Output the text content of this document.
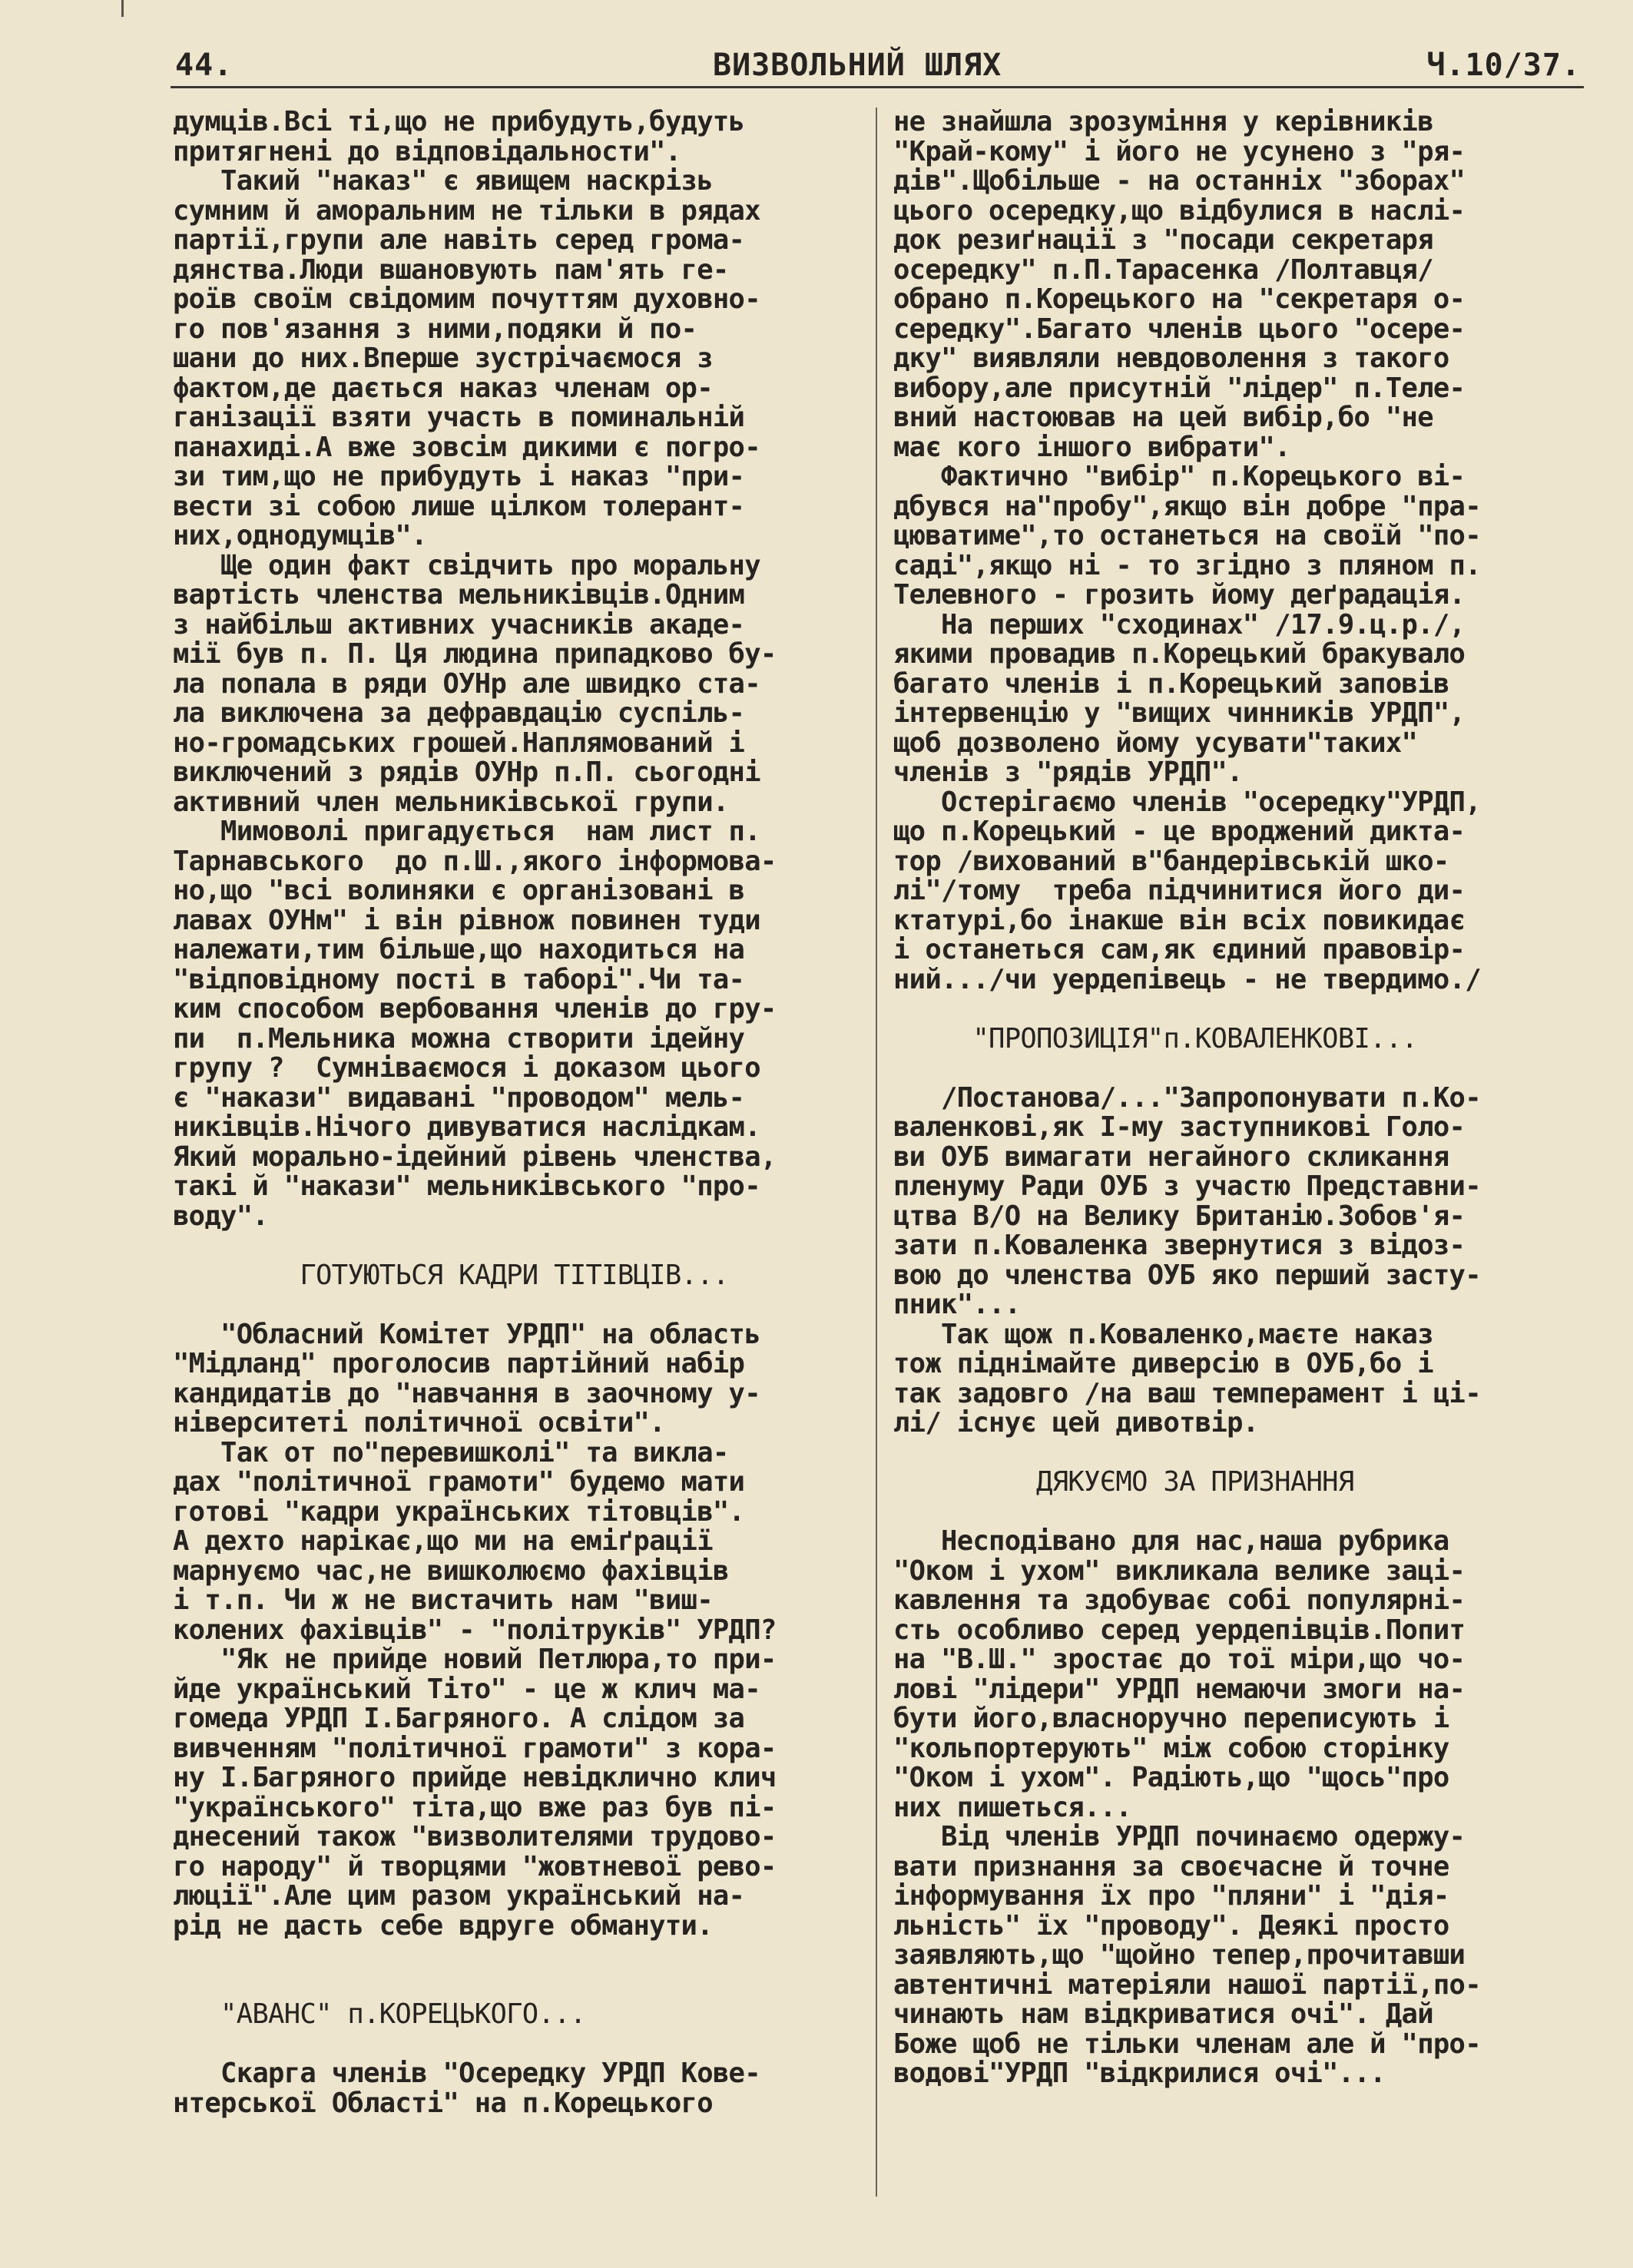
44.	ВИЗВОЛЬНИЙ ШЛЯХ	Ч.10/37.
думців.Всі ті,що не прибудуть,будуть
притягнені до відповідальности".
Такий "наказ" є явищем наскрізь
сумним й аморальним не тільки в рядах
партії,групи але навіть серед грома-
дянства.Люди вшановують пам'ять ге-
роїв своїм свідомим почуттям духовно-
го пов'язання з ними,подяки й по-
шани до них.Вперше зустрічаємося з
фактом,де дається наказ членам ор-
ганізації взяти участь в поминальній
панахиді.А вже зовсім дикими є погро-
зи тим,що не прибудуть і наказ "при-
вести зі собою лише цілком толерант-
них,однодумців".
Ще один факт свідчить про моральну
вартість членства мельниківців.Одним
з найбільш активних учасників акаде-
мії був п. П. Ця людина припадково бу-
ла попала в ряди ОУНр але швидко ста-
ла виключена за дефравдацію суспіль-
но-громадських грошей.Наплямований і
виключений з рядів ОУНр п.П. сьогодні
активний член мельниківської групи.
Мимоволі пригадується  нам лист п.
Тарнавського  до п.Ш.,якого інформова-
но,що "всі волиняки є організовані в
лавах ОУНм" і він рівнож повинен туди
належати,тим більше,що находиться на
"відповідному пості в таборі".Чи та-
ким способом вербовання членів до гру-
пи  п.Мельника можна створити ідейну
групу ?  Сумніваємося і доказом цього
є "накази" видавані "проводом" мель-
никівців.Нічого дивуватися наслідкам.
Який морально-ідейний рівень членства,
такі й "накази" мельниківського "про-
воду".
ГОТУЮТЬСЯ КАДРИ ТІТІВЦІВ...
"Обласний Комітет УРДП" на область
"Мідланд" проголосив партійний набір
кандидатів до "навчання в заочному у-
ніверситеті політичної освіти".
Так от по"перевишколі" та виклa-
дах "політичної грамоти" будемо мати
готові "кадри українських тітовців".
А дехто нарікає,що ми на еміґрації
марнуємо час,не вишколюємо фахівців
і т.п. Чи ж не вистачить нам "виш-
колених фахівців" - "політруків" УРДП?
"Як не прийде новий Петлюра,то при-
йде український Тіто" - це ж клич ма-
гомеда УРДП І.Багряного. А слідом за
вивченням "політичної грамоти" з кора-
ну І.Багряного прийде невідклично клич
"українського" тіта,що вже раз був пі-
днесений також "визволителями трудово-
го народу" й творцями "жовтневої рево-
люції".Але цим разом український на-
рід не дасть себе вдруге обманути.
"АВАНС" п.КОРЕЦЬКОГО...
Скарга членів "Осередку УРДП Кове-
нтерської Області" на п.Корецького
не знайшла зрозуміння у керівників
"Край-кому" і його не усунено з "ря-
дів".Щобільше - на останніх "зборах"
цього осередку,що відбулися в наслі-
док резиґнації з "посади секретаря
осередку" п.П.Тарасенка /Полтавця/
обрано п.Корецького на "секретаря о-
середку".Багато членів цього "осере-
дку" виявляли невдоволення з такого
вибору,але присутній "лідер" п.Теле-
вний настоював на цей вибір,бо "не
має кого іншого вибрати".
Фактично "вибір" п.Корецького ві-
дбувся на"пробу",якщо він добре "пра-
цюватиме",то останеться на своїй "по-
саді",якщо ні - то згідно з пляном п.
Телевного - грозить йому деґрадація.
На перших "сходинах" /17.9.ц.р./,
якими провадив п.Корецький бракувало
багато членів і п.Корецький заповів
інтервенцію у "вищих чинників УРДП",
щоб дозволено йому усувати"таких"
членів з "рядів УРДП".
Остерігаємо членів "осередку"УРДП,
що п.Корецький - це вроджений дикта-
тор /вихований в"бандерівській шко-
лі"/тому  треба підчинитися його ди-
ктатурі,бо інакше він всіх повикидає
і останеться сам,як єдиний правовір-
ний.../чи уердепівець - не твердимо./
"ПРОПОЗИЦІЯ"п.КОВАЛЕНКОВІ...
/Постанова/..."Запропонувати п.Ко-
валенкові,як І-му заступникові Голо-
ви ОУБ вимагати негайного скликання
пленуму Ради ОУБ з участю Представни-
цтва В/О на Велику Британію.Зобов'я-
зати п.Коваленка звернутися з відоз-
вою до членства ОУБ яко перший засту-
пник"...
Так щож п.Коваленко,маєте наказ
тож піднімайте диверсію в ОУБ,бо і
так задовго /на ваш темперамент і ці-
лі/ існує цей дивотвір.
ДЯКУЄМО ЗА ПРИЗНАННЯ
Несподівано для нас,наша рубрика
"Оком і ухом" викликала велике заці-
кавлення та здобуває собі популярні-
сть особливо серед уердепівців.Попит
на "В.Ш." зростає до тої міри,що чо-
лові "лідери" УРДП немаючи змоги на-
бути його,власноручно переписують і
"кольпортерують" між собою сторінку
"Оком і ухом". Радіють,що "щось"про
них пишеться...
Від членів УРДП починаємо одержу-
вати признання за своєчасне й точне
інформування їх про "пляни" і "дія-
льність" їх "проводу". Деякі просто
заявляють,що "щойно тепер,прочитавши
автентичні матеріяли нашої партії,по-
чинають нам відкриватися очі". Дай
Боже щоб не тільки членам але й "про-
водові"УРДП "відкрилися очі"...
